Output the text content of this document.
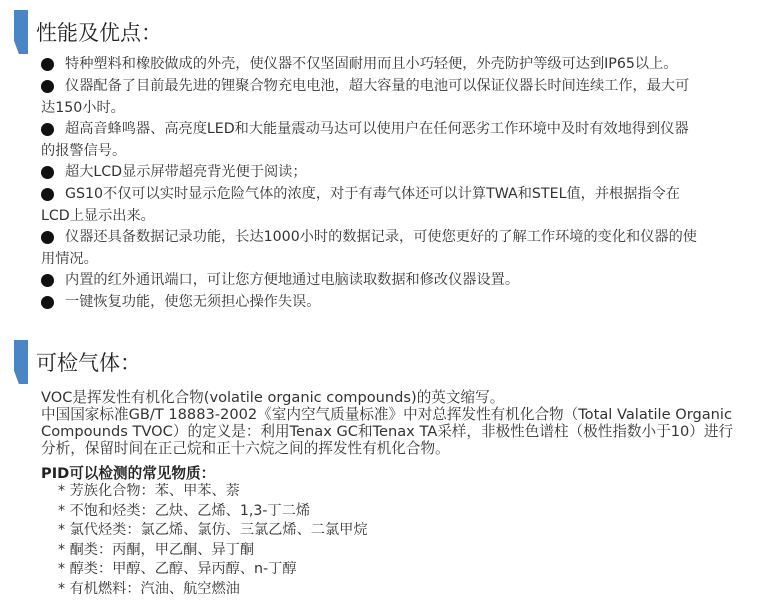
性能及优点：
特种塑料和橡胶做成的外壳，使仪器不仅坚固耐用而且小巧轻便，外壳防护等级可达到IP65以上。
仪器配备了目前最先进的锂聚合物充电电池，超大容量的电池可以保证仪器长时间连续工作，最大可
达150小时。
超高音蜂鸣器、高亮度LED和大能量震动马达可以使用户在任何恶劣工作环境中及时有效地得到仪器
的报警信号。
超大LCD显示屏带超亮背光便于阅读；
GS10不仅可以实时显示危险气体的浓度，对于有毒气体还可以计算TWA和STEL值，并根据指令在
LCD上显示出来。
仪器还具备数据记录功能，长达1000小时的数据记录，可使您更好的了解工作环境的变化和仪器的使
用情况。
内置的红外通讯端口，可让您方便地通过电脑读取数据和修改仪器设置。
一键恢复功能，使您无须担心操作失误。
可检气体：
VOC是挥发性有机化合物(volatile organic compounds)的英文缩写。
中国国家标准GB/T 18883-2002《室内空气质量标准》中对总挥发性有机化合物（Total Valatile Organic
Compounds TVOC）的定义是：利用Tenax GC和Tenax TA采样，非极性色谱柱（极性指数小于10）进行
分析，保留时间在正己烷和正十六烷之间的挥发性有机化合物。
PID可以检测的常见物质：
* 芳族化合物：苯、甲苯、萘
* 不饱和烃类：乙炔、乙烯、1,3-丁二烯
* 氯代烃类：氯乙烯、氯仿、三氯乙烯、二氯甲烷
* 酮类：丙酮，甲乙酮、异丁酮
* 醇类：甲醇、乙醇、异丙醇、n-丁醇
* 有机燃料：汽油、航空燃油
